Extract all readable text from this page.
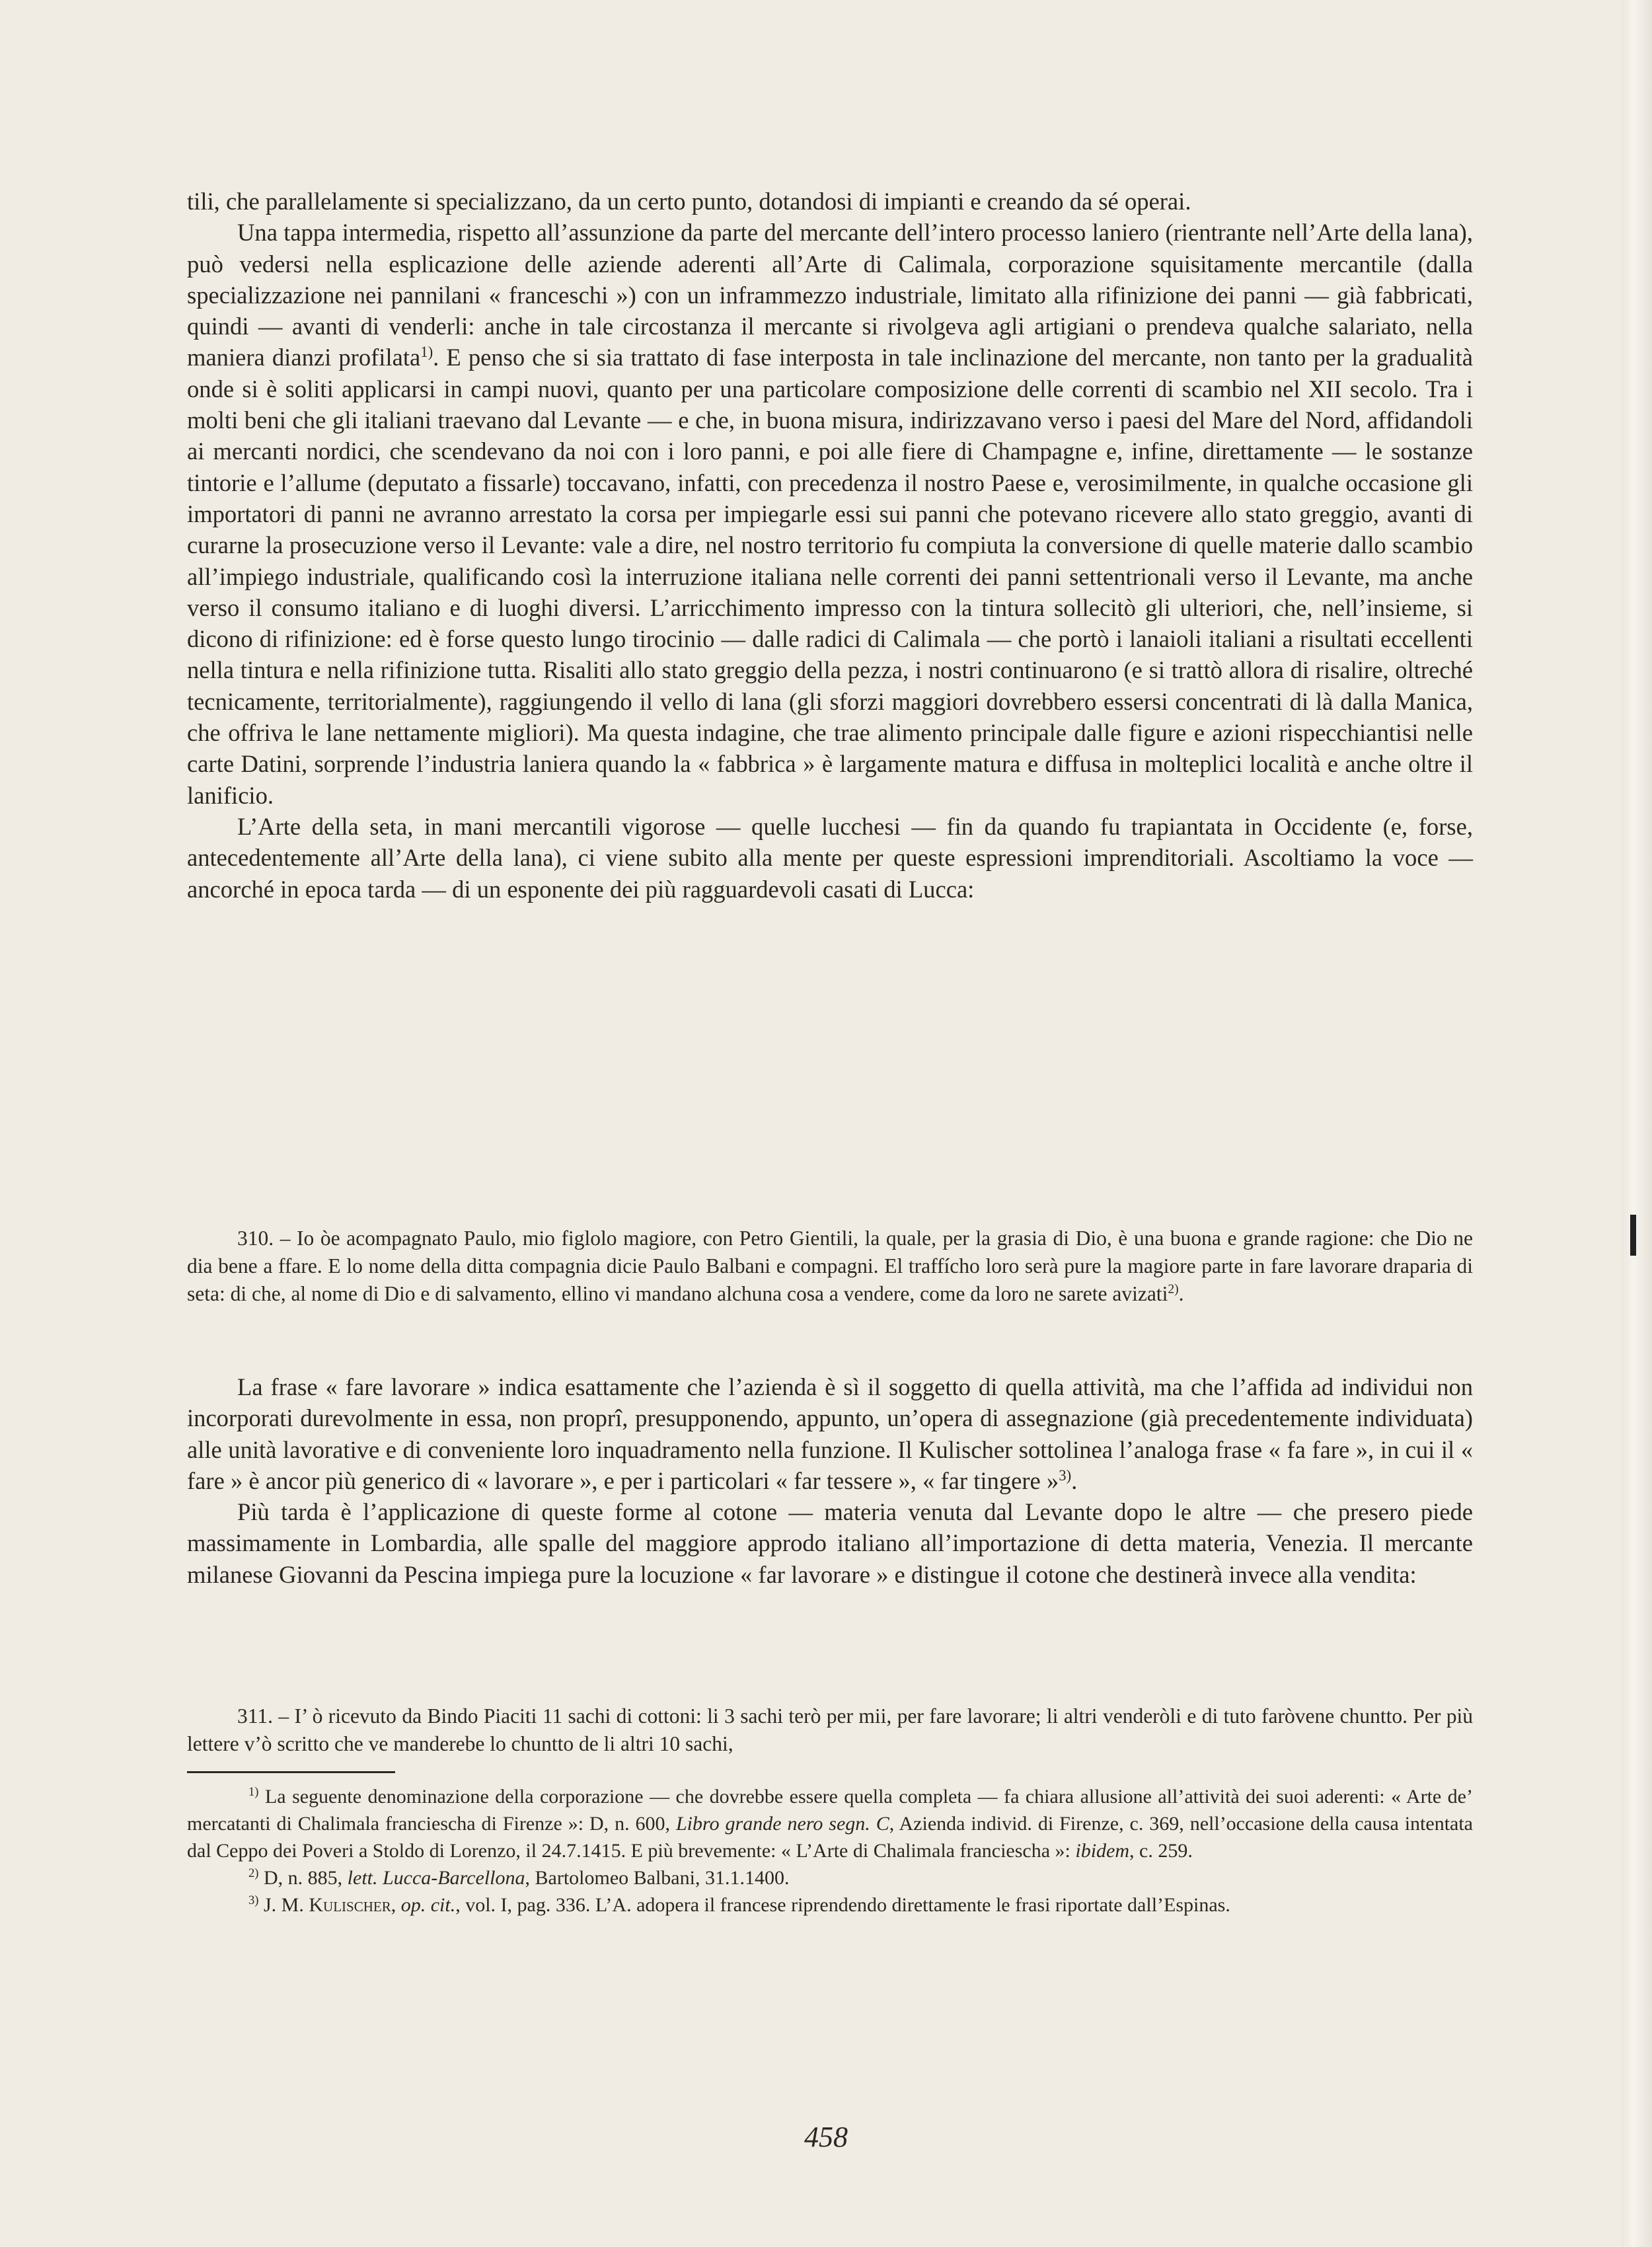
tili, che parallelamente si specializzano, da un certo punto, dotandosi di impianti e creando da sé operai.

Una tappa intermedia, rispetto all’assunzione da parte del mercante dell’intero processo laniero (rientrante nell’Arte della lana), può vedersi nella esplicazione delle aziende aderenti all’Arte di Calimala, corporazione squisitamente mercantile (dalla specializzazione nei pannilani « franceschi ») con un inframmezzo industriale, limitato alla rifinizione dei panni — già fabbricati, quindi — avanti di venderli: anche in tale circostanza il mercante si rivolgeva agli artigiani o prendeva qualche salariato, nella maniera dianzi profilata$^{1)}$. E penso che si sia trattato di fase interposta in tale inclinazione del mercante, non tanto per la gradualità onde si è soliti applicarsi in campi nuovi, quanto per una particolare composizione delle correnti di scambio nel XII secolo. Tra i molti beni che gli italiani traevano dal Levante — e che, in buona misura, indirizzavano verso i paesi del Mare del Nord, affidandoli ai mercanti nordici, che scendevano da noi con i loro panni, e poi alle fiere di Champagne e, infine, direttamente — le sostanze tintorie e l’allume (deputato a fissarle) toccavano, infatti, con precedenza il nostro Paese e, verosimilmente, in qualche occasione gli importatori di panni ne avranno arrestato la corsa per impiegarle essi sui panni che potevano ricevere allo stato greggio, avanti di curarne la prosecuzione verso il Levante: vale a dire, nel nostro territorio fu compiuta la conversione di quelle materie dallo scambio all’impiego industriale, qualificando così la interruzione italiana nelle correnti dei panni settentrionali verso il Levante, ma anche verso il consumo italiano e di luoghi diversi. L’arricchimento impresso con la tintura sollecitò gli ulteriori, che, nell’insieme, si dicono di rifinizione: ed è forse questo lungo tirocinio — dalle radici di Calimala — che portò i lanaioli italiani a risultati eccellenti nella tintura e nella rifinizione tutta. Risaliti allo stato greggio della pezza, i nostri continuarono (e si trattò allora di risalire, oltreché tecnicamente, territorialmente), raggiungendo il vello di lana (gli sforzi maggiori dovrebbero essersi concentrati di là dalla Manica, che offriva le lane nettamente migliori). Ma questa indagine, che trae alimento principale dalle figure e azioni rispecchiantisi nelle carte Datini, sorprende l’industria laniera quando la « fabbrica » è largamente matura e diffusa in molteplici località e anche oltre il lanificio.

L’Arte della seta, in mani mercantili vigorose — quelle lucchesi — fin da quando fu trapiantata in Occidente (e, forse, antecedentemente all’Arte della lana), ci viene subito alla mente per queste espressioni imprenditoriali. Ascoltiamo la voce — ancorché in epoca tarda — di un esponente dei più ragguardevoli casati di Lucca:

310. – Io òe acompagnato Paulo, mio figlolo magiore, con Petro Gientili, la quale, per la grasia di Dio, è una buona e grande ragione: che Dio ne dia bene a ffare. E lo nome della ditta compagnia dicie Paulo Balbani e compagni. El traffícho loro serà pure la magiore parte in fare lavorare draparia di seta: di che, al nome di Dio e di salvamento, ellino vi mandano alchuna cosa a vendere, come da loro ne sarete avizati$^{2)}$.

La frase « fare lavorare » indica esattamente che l’azienda è sì il soggetto di quella attività, ma che l’affida ad individui non incorporati durevolmente in essa, non proprî, presupponendo, appunto, un’opera di assegnazione (già precedentemente individuata) alle unità lavorative e di conveniente loro inquadramento nella funzione. Il Kulischer sottolinea l’analoga frase « fa fare », in cui il « fare » è ancor più generico di « lavorare », e per i particolari « far tessere », « far tingere »$^{3)}$.

Più tarda è l’applicazione di queste forme al cotone — materia venuta dal Levante dopo le altre — che presero piede massimamente in Lombardia, alle spalle del maggiore approdo italiano all’importazione di detta materia, Venezia. Il mercante milanese Giovanni da Pescina impiega pure la locuzione « far lavorare » e distingue il cotone che destinerà invece alla vendita:

311. – I’ ò ricevuto da Bindo Piaciti 11 sachi di cottoni: li 3 sachi terò per mii, per fare lavorare; li altri venderòli e di tuto faròvene chuntto. Per più lettere v’ò scritto che ve manderebe lo chuntto de li altri 10 sachi,

$^{1)}$ La seguente denominazione della corporazione — che dovrebbe essere quella completa — fa chiara allusione all’attività dei suoi aderenti: « Arte de’ mercatanti di Chalimala franciescha di Firenze »: D, n. 600, Libro grande nero segn. C, Azienda individ. di Firenze, c. 369, nell’occasione della causa intentata dal Ceppo dei Poveri a Stoldo di Lorenzo, il 24.7.1415. E più brevemente: « L’Arte di Chalimala franciescha »: ibidem, c. 259.

$^{2)}$ D, n. 885, lett. Lucca-Barcellona, Bartolomeo Balbani, 31.1.1400.

$^{3)}$ J. M. Kulischer, op. cit., vol. I, pag. 336. L’A. adopera il francese riprendendo direttamente le frasi riportate dall’Espinas.

458
